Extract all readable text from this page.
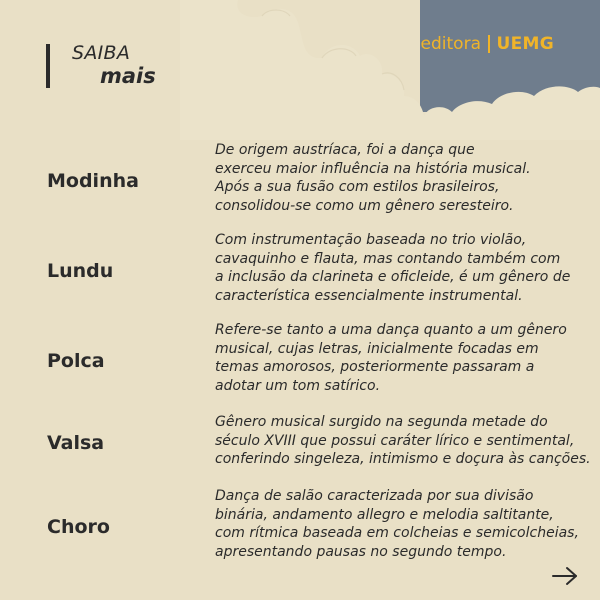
SAIBA
mais
editora UEMG
Modinha
De origem austríaca, foi a dança que
exerceu maior influência na história musical.
Após a sua fusão com estilos brasileiros,
consolidou-se como um gênero seresteiro.
Lundu
Com instrumentação baseada no trio violão,
cavaquinho e flauta, mas contando também com
a inclusão da clarineta e oficleide, é um gênero de
característica essencialmente instrumental.
Polca
Refere-se tanto a uma dança quanto a um gênero
musical, cujas letras, inicialmente focadas em
temas amorosos, posteriormente passaram a
adotar um tom satírico.
Valsa
Gênero musical surgido na segunda metade do
século XVIII que possui caráter lírico e sentimental,
conferindo singeleza, intimismo e doçura às canções.
Choro
Dança de salão caracterizada por sua divisão
binária, andamento allegro e melodia saltitante,
com rítmica baseada em colcheias e semicolcheias,
apresentando pausas no segundo tempo.
